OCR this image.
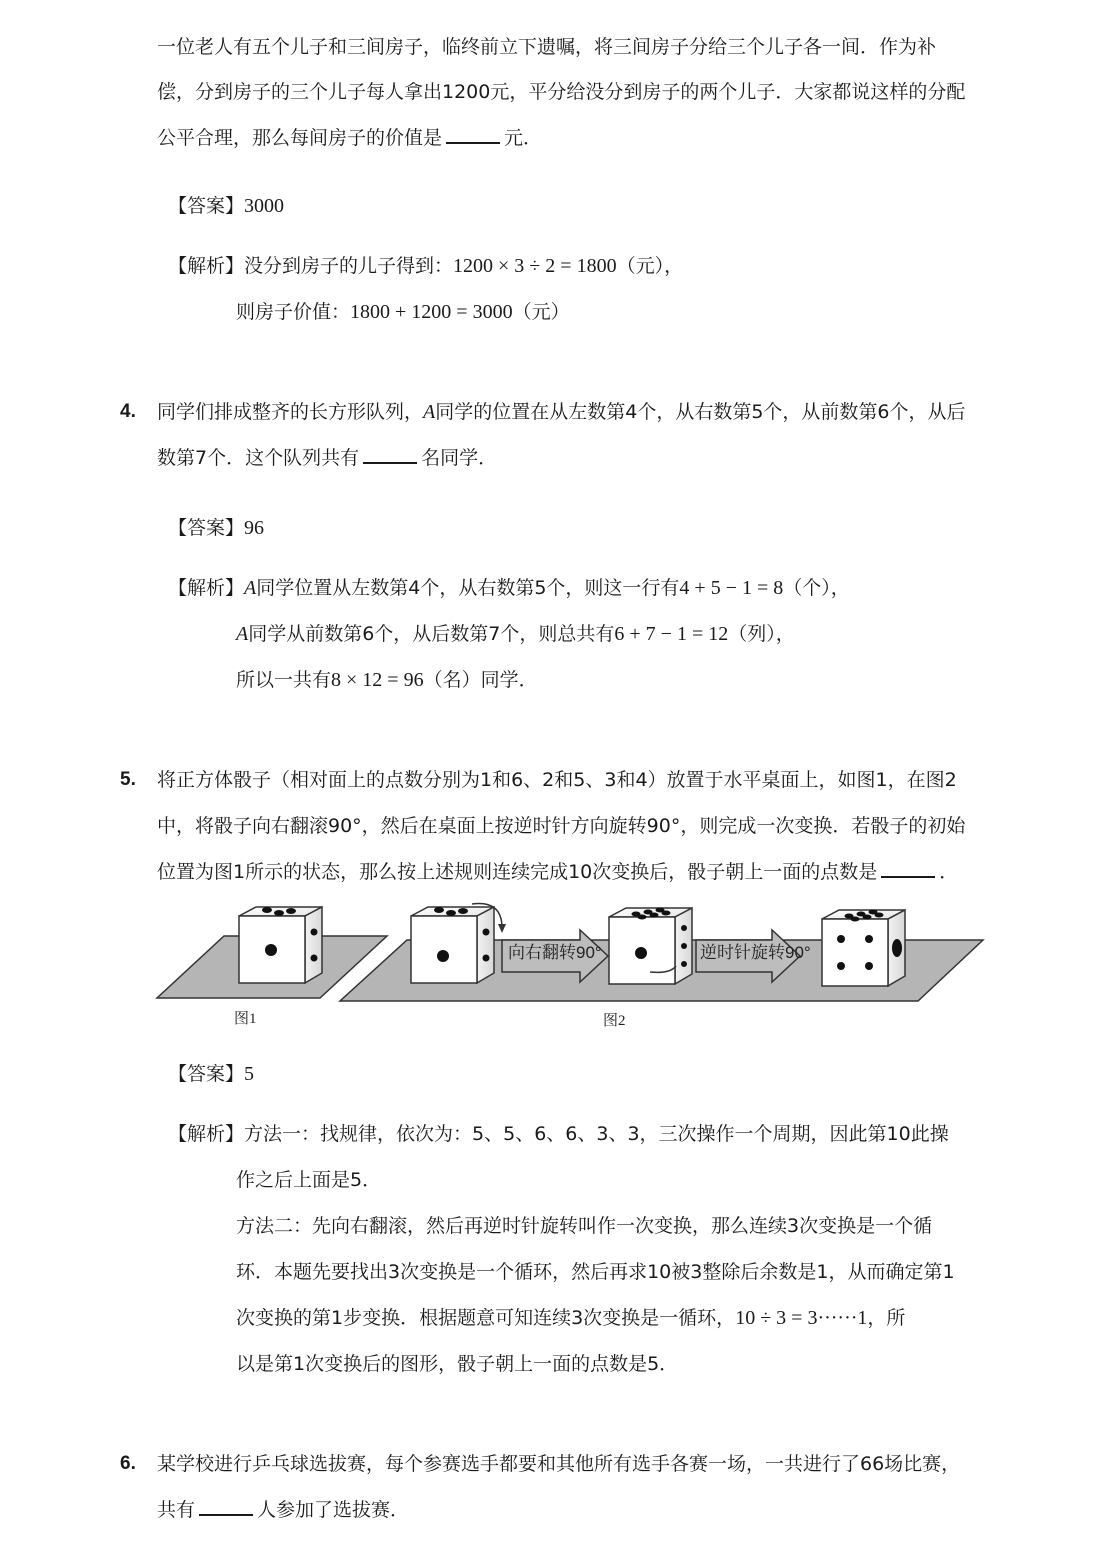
一位老人有五个儿子和三间房子，临终前立下遗嘱，将三间房子分给三个儿子各一间．作为补
偿，分到房子的三个儿子每人拿出1200元，平分给没分到房子的两个儿子．大家都说这样的分配
公平合理，那么每间房子的价值是	元．
【答案】3000
【解析】没分到房子的儿子得到：1200 × 3 ÷ 2 = 1800（元），
则房子价值：1800 + 1200 = 3000（元）
4. 同学们排成整齐的长方形队列，A同学的位置在从左数第4个，从右数第5个，从前数第6个，从后
数第7个．这个队列共有	名同学．
【答案】96
【解析】A同学位置从左数第4个，从右数第5个，则这一行有4 + 5 − 1 = 8（个），
A同学从前数第6个，从后数第7个，则总共有6 + 7 − 1 = 12（列），
所以一共有8 × 12 = 96（名）同学．
5. 将正方体骰子（相对面上的点数分别为1和6、2和5、3和4）放置于水平桌面上，如图1，在图2
中，将骰子向右翻滚90°，然后在桌面上按逆时针方向旋转90°，则完成一次变换．若骰子的初始
位置为图1所示的状态，那么按上述规则连续完成10次变换后，骰子朝上一面的点数是	．
向右翻转90°	逆时针旋转90°
图1	图2
【答案】5
【解析】方法一：找规律，依次为：5、5、6、6、3、3，三次操作一个周期，因此第10此操
作之后上面是5．
方法二：先向右翻滚，然后再逆时针旋转叫作一次变换，那么连续3次变换是一个循
环．本题先要找出3次变换是一个循环，然后再求10被3整除后余数是1，从而确定第1
次变换的第1步变换．根据题意可知连续3次变换是一循环，10 ÷ 3 = 3······1，所
以是第1次变换后的图形，骰子朝上一面的点数是5．
6. 某学校进行乒乓球选拔赛，每个参赛选手都要和其他所有选手各赛一场，一共进行了66场比赛，
共有	人参加了选拔赛．
